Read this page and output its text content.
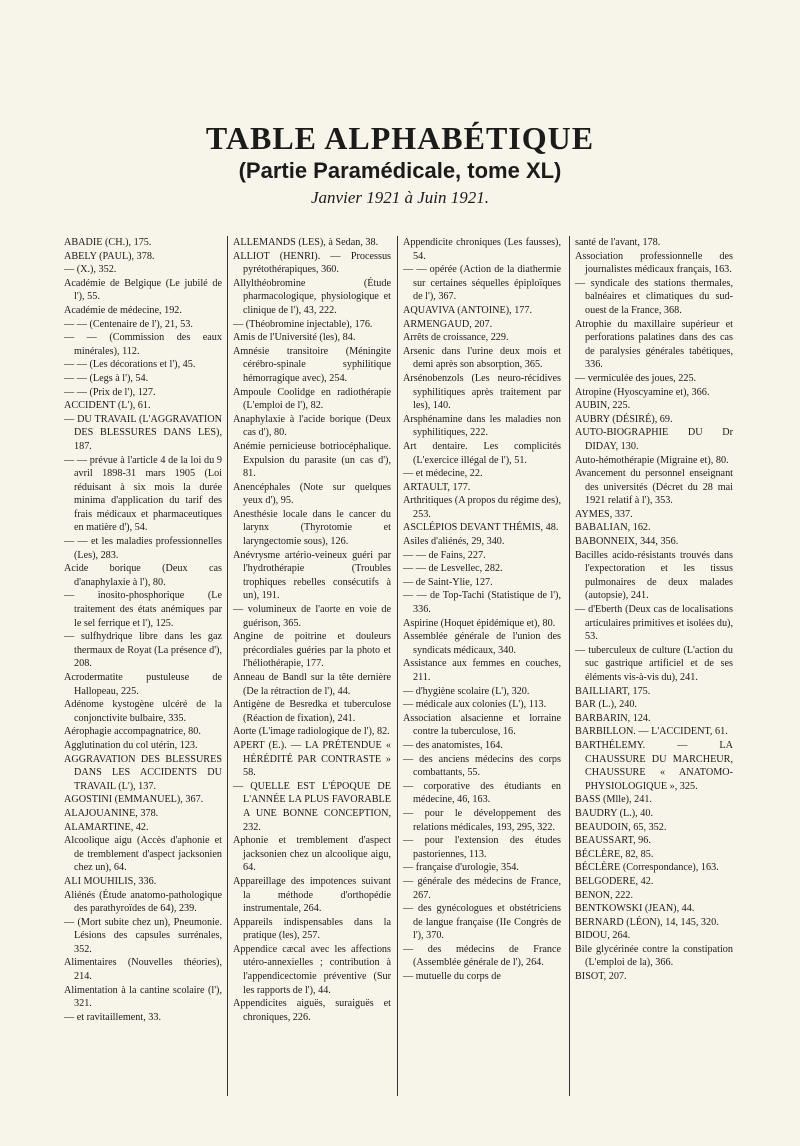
TABLE ALPHABÉTIQUE
(Partie Paramédicale, tome XL)
Janvier 1921 à Juin 1921.

ABADIE (CH.), 175.

ABELY (PAUL), 378.

— (X.), 352.

Académie de Belgique (Le jubilé de l'), 55.

Académie de médecine, 192.

— — (Centenaire de l'), 21, 53.

— — (Commission des eaux minérales), 112.

— — (Les décorations et l'), 45.

— — (Legs à l'), 54.

— — (Prix de l'), 127.

ACCIDENT (L'), 61.

— DU TRAVAIL (L'AGGRAVATION DES BLESSURES DANS LES), 187.

— — prévue à l'article 4 de la loi du 9 avril 1898-31 mars 1905 (Loi réduisant à six mois la durée minima d'application du tarif des frais médicaux et pharmaceutiques en matière d'), 54.

— — et les maladies professionnelles (Les), 283.

Acide borique (Deux cas d'anaphylaxie à l'), 80.

— inosito-phosphorique (Le traitement des états anémiques par le sel ferrique et l'), 125.

— sulfhydrique libre dans les gaz thermaux de Royat (La présence d'), 208.

Acrodermatite pustuleuse de Hallopeau, 225.

Adénome kystogène ulcéré de la conjonctivite bulbaire, 335.

Aérophagie accompagnatrice, 80.

Agglutination du col utérin, 123.

AGGRAVATION DES BLESSURES DANS LES ACCIDENTS DU TRAVAIL (L'), 137.

AGOSTINI (EMMANUEL), 367.

ALAJOUANINE, 378.

ALAMARTINE, 42.

Alcoolique aigu (Accès d'aphonie et de tremblement d'aspect jacksonien chez un), 64.

ALI MOUHILIS, 336.

Aliénés (Étude anatomo-pathologique des parathyroïdes de 64), 239.

— (Mort subite chez un), Pneumonie. Lésions des capsules surrénales, 352.

Alimentaires (Nouvelles théories), 214.

Alimentation à la cantine scolaire (l'), 321.

— et ravitaillement, 33.

ALLEMANDS (LES), à Sedan, 38.

ALLIOT (HENRI). — Processus pyrétothérapiques, 360.

Allylthéobromine (Étude pharmacologique, physiologique et clinique de l'), 43, 222.

— (Théobromine injectable), 176.

Amis de l'Université (les), 84.

Amnésie transitoire (Méningite cérébro-spinale syphilitique hémorragique avec), 254.

Ampoule Coolidge en radiothérapie (L'emploi de l'), 82.

Anaphylaxie à l'acide borique (Deux cas d'), 80.

Anémie pernicieuse botriocéphalique. Expulsion du parasite (un cas d'), 81.

Anencéphales (Note sur quelques yeux d'), 95.

Anesthésie locale dans le cancer du larynx (Thyrotomie et laryngectomie sous), 126.

Anévrysme artério-veineux guéri par l'hydrothérapie (Troubles trophiques rebelles consécutifs à un), 191.

— volumineux de l'aorte en voie de guérison, 365.

Angine de poitrine et douleurs précordiales guéries par la photo et l'héliothérapie, 177.

Anneau de Bandl sur la tête dernière (De la rétraction de l'), 44.

Antigène de Besredka et tuberculose (Réaction de fixation), 241.

Aorte (L'image radiologique de l'), 82.

APERT (E.). — LA PRÉTENDUE « HÉRÉDITÉ PAR CONTRASTE » 58.

— QUELLE EST L'ÉPOQUE DE L'ANNÉE LA PLUS FAVORABLE A UNE BONNE CONCEPTION, 232.

Aphonie et tremblement d'aspect jacksonien chez un alcoolique aigu, 64.

Appareillage des impotences suivant la méthode d'orthopédie instrumentale, 264.

Appareils indispensables dans la pratique (les), 257.

Appendice cæcal avec les affections utéro-annexielles ; contribution à l'appendicectomie préventive (Sur les rapports de l'), 44.

Appendicites aiguës, suraiguës et chroniques, 226.

Appendicite chroniques (Les fausses), 54.

— — opérée (Action de la diathermie sur certaines séquelles épiploïques de l'), 367.

AQUAVIVA (ANTOINE), 177.

ARMENGAUD, 207.

Arrêts de croissance, 229.

Arsenic dans l'urine deux mois et demi après son absorption, 365.

Arsénobenzols (Les neuro-récidives syphilitiques après traitement par les), 140.

Arsphénamine dans les maladies non syphilitiques, 222.

Art dentaire. Les complicités (L'exercice illégal de l'), 51.

— et médecine, 22.

ARTAULT, 177.

Arthritiques (A propos du régime des), 253.

ASCLÉPIOS DEVANT THÉMIS, 48.

Asiles d'aliénés, 29, 340.

— — de Fains, 227.

— — de Lesvellec, 282.

— de Saint-Ylie, 127.

— — de Top-Tachi (Statistique de l'), 336.

Aspirine (Hoquet épidémique et), 80.

Assemblée générale de l'union des syndicats médicaux, 340.

Assistance aux femmes en couches, 211.

— d'hygiène scolaire (L'), 320.

— médicale aux colonies (L'), 113.

Association alsacienne et lorraine contre la tuberculose, 16.

— des anatomistes, 164.

— des anciens médecins des corps combattants, 55.

— corporative des étudiants en médecine, 46, 163.

— pour le développement des relations médicales, 193, 295, 322.

— pour l'extension des études pastoriennes, 113.

— française d'urologie, 354.

— générale des médecins de France, 267.

— des gynécologues et obstétriciens de langue française (IIe Congrès de l'), 370.

— des médecins de France (Assemblée générale de l'), 264.

— mutuelle du corps de

santé de l'avant, 178.

Association professionnelle des journalistes médicaux français, 163.

— syndicale des stations thermales, balnéaires et climatiques du sud-ouest de la France, 368.

Atrophie du maxillaire supérieur et perforations palatines dans des cas de paralysies générales tabétiques, 336.

— vermiculée des joues, 225.

Atropine (Hyoscyamine et), 366.

AUBIN, 225.

AUBRY (DÉSIRÉ), 69.

AUTO-BIOGRAPHIE DU Dr DIDAY, 130.

Auto-hémothérapie (Migraine et), 80.

Avancement du personnel enseignant des universités (Décret du 28 mai 1921 relatif à l'), 353.

AYMES, 337.

BABALIAN, 162.

BABONNEIX, 344, 356.

Bacilles acido-résistants trouvés dans l'expectoration et les tissus pulmonaires de deux malades (autopsie), 241.

— d'Eberth (Deux cas de localisations articulaires primitives et isolées du), 53.

— tuberculeux de culture (L'action du suc gastrique artificiel et de ses éléments vis-à-vis du), 241.

BAILLIART, 175.

BAR (L.), 240.

BARBARIN, 124.

BARBILLON. — L'ACCIDENT, 61.

BARTHÉLEMY. — LA CHAUSSURE DU MARCHEUR, CHAUSSURE « ANATOMO-PHYSIOLOGIQUE », 325.

BASS (Mlle), 241.

BAUDRY (L.), 40.

BEAUDOIN, 65, 352.

BEAUSSART, 96.

BÉCLÈRE, 82, 85.

BÉCLÈRE (Correspondance), 163.

BELGODERE, 42.

BENON, 222.

BENTKOWSKI (JEAN), 44.

BERNARD (LÉON), 14, 145, 320.

BIDOU, 264.

Bile glycérinée contre la constipation (L'emploi de la), 366.

BISOT, 207.
